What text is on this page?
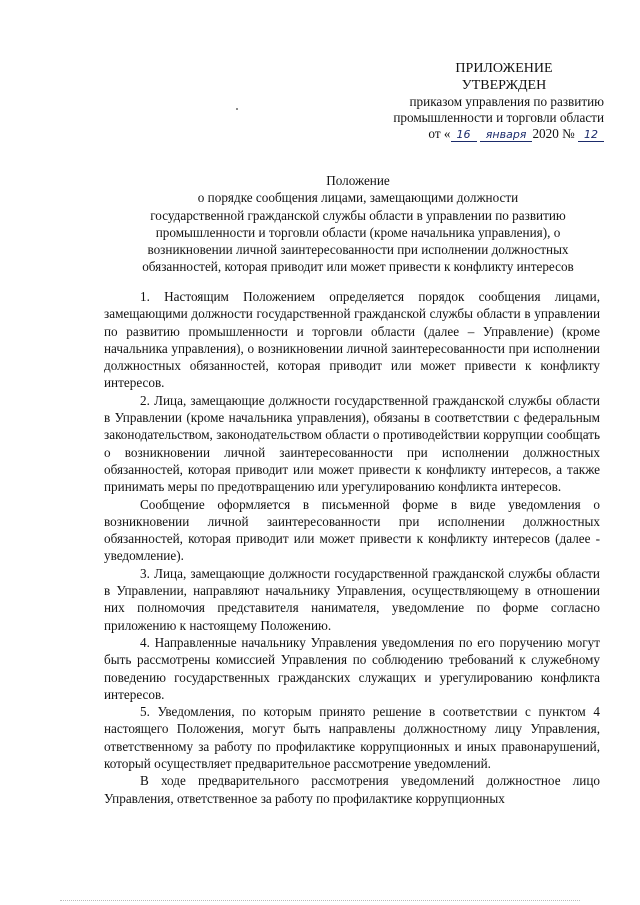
ПРИЛОЖЕНИЕ
УТВЕРЖДЕН
приказом управления по развитию
промышленности и торговли области
от « 16 января 2020 № 12
Положение
о порядке сообщения лицами, замещающими должности
государственной гражданской службы области в управлении по развитию
промышленности и торговли области (кроме начальника управления), о
возникновении личной заинтересованности при исполнении должностных
обязанностей, которая приводит или может привести к конфликту интересов

1. Настоящим Положением определяется порядок сообщения лицами, замещающими должности государственной гражданской службы области в управлении по развитию промышленности и торговли области (далее – Управление) (кроме начальника управления), о возникновении личной заинтересованности при исполнении должностных обязанностей, которая приводит или может привести к конфликту интересов.

2. Лица, замещающие должности государственной гражданской службы области в Управлении (кроме начальника управления), обязаны в соответствии с федеральным законодательством, законодательством области о противодействии коррупции сообщать о возникновении личной заинтересованности при исполнении должностных обязанностей, которая приводит или может привести к конфликту интересов, а также принимать меры по предотвращению или урегулированию конфликта интересов.

Сообщение оформляется в письменной форме в виде уведомления о возникновении личной заинтересованности при исполнении должностных обязанностей, которая приводит или может привести к конфликту интересов (далее - уведомление).

3. Лица, замещающие должности государственной гражданской службы области в Управлении, направляют начальнику Управления, осуществляющему в отношении них полномочия представителя нанимателя, уведомление по форме согласно приложению к настоящему Положению.

4. Направленные начальнику Управления уведомления по его поручению могут быть рассмотрены комиссией Управления по соблюдению требований к служебному поведению государственных гражданских служащих и урегулированию конфликта интересов.

5. Уведомления, по которым принято решение в соответствии с пунктом 4 настоящего Положения, могут быть направлены должностному лицу Управления, ответственному за работу по профилактике коррупционных и иных правонарушений, который осуществляет предварительное рассмотрение уведомлений.

В ходе предварительного рассмотрения уведомлений должностное лицо Управления, ответственное за работу по профилактике коррупционных
